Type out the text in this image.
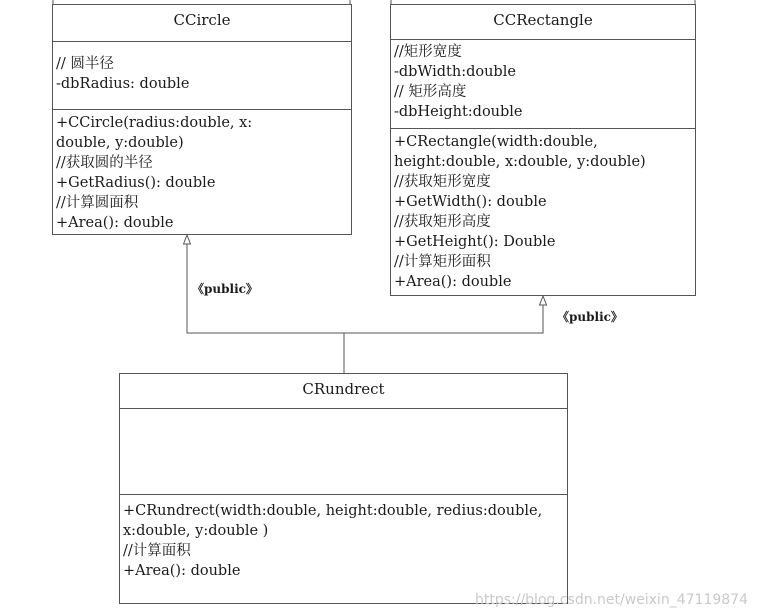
《public》
《public》
CCircle
// 圆半径
-dbRadius: double
+CCircle(radius:double, x:
double, y:double)
//获取圆的半径
+GetRadius(): double
//计算圆面积
+Area(): double
CCRectangle
//矩形宽度
-dbWidth:double
// 矩形高度
-dbHeight:double
+CRectangle(width:double,
height:double, x:double, y:double)
//获取矩形宽度
+GetWidth(): double
//获取矩形高度
+GetHeight(): Double
//计算矩形面积
+Area(): double
CRundrect
+CRundrect(width:double, height:double, redius:double,
x:double, y:double )
//计算面积
+Area(): double
https://blog.csdn.net/weixin_47119874
